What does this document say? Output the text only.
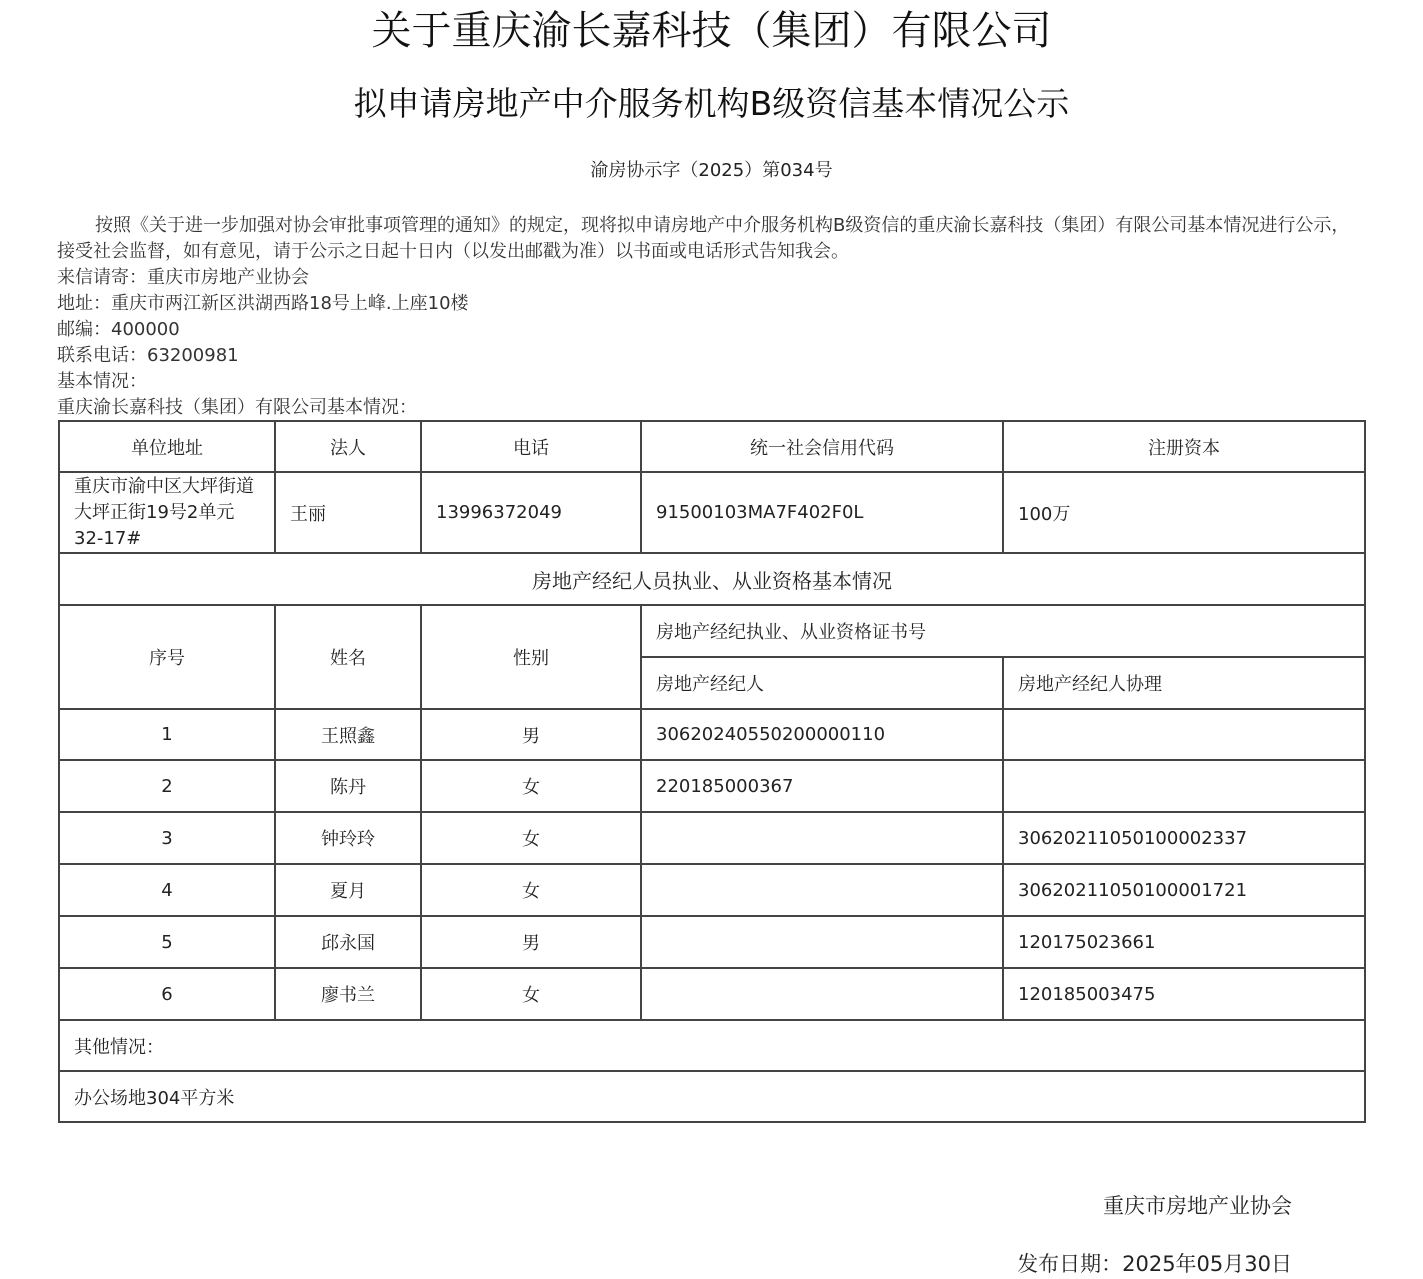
关于重庆渝长嘉科技（集团）有限公司
拟申请房地产中介服务机构B级资信基本情况公示
渝房协示字（2025）第034号
按照《关于进一步加强对协会审批事项管理的通知》的规定，现将拟申请房地产中介服务机构B级资信的重庆渝长嘉科技（集团）有限公司基本情况进行公示，接受社会监督，如有意见，请于公示之日起十日内（以发出邮戳为准）以书面或电话形式告知我会。
来信请寄：重庆市房地产业协会
地址：重庆市两江新区洪湖西路18号上峰.上座10楼
邮编：400000
联系电话：63200981
基本情况：
重庆渝长嘉科技（集团）有限公司基本情况：
单位地址	法人	电话	统一社会信用代码	注册资本
重庆市渝中区大坪街道大坪正街19号2单元32-17#	王丽	13996372049	91500103MA7F402F0L	100万
房地产经纪人员执业、从业资格基本情况				
序号	姓名	性别	房地产经纪执业、从业资格证书号	
			房地产经纪人	房地产经纪人协理
1	王照鑫	男	30620240550200000110	
2	陈丹	女	220185000367	
3	钟玲玲	女		30620211050100002337
4	夏月	女		30620211050100001721
5	邱永国	男		120175023661
6	廖书兰	女		120185003475
其他情况：				
办公场地304平方米				
重庆市房地产业协会
发布日期：2025年05月30日
